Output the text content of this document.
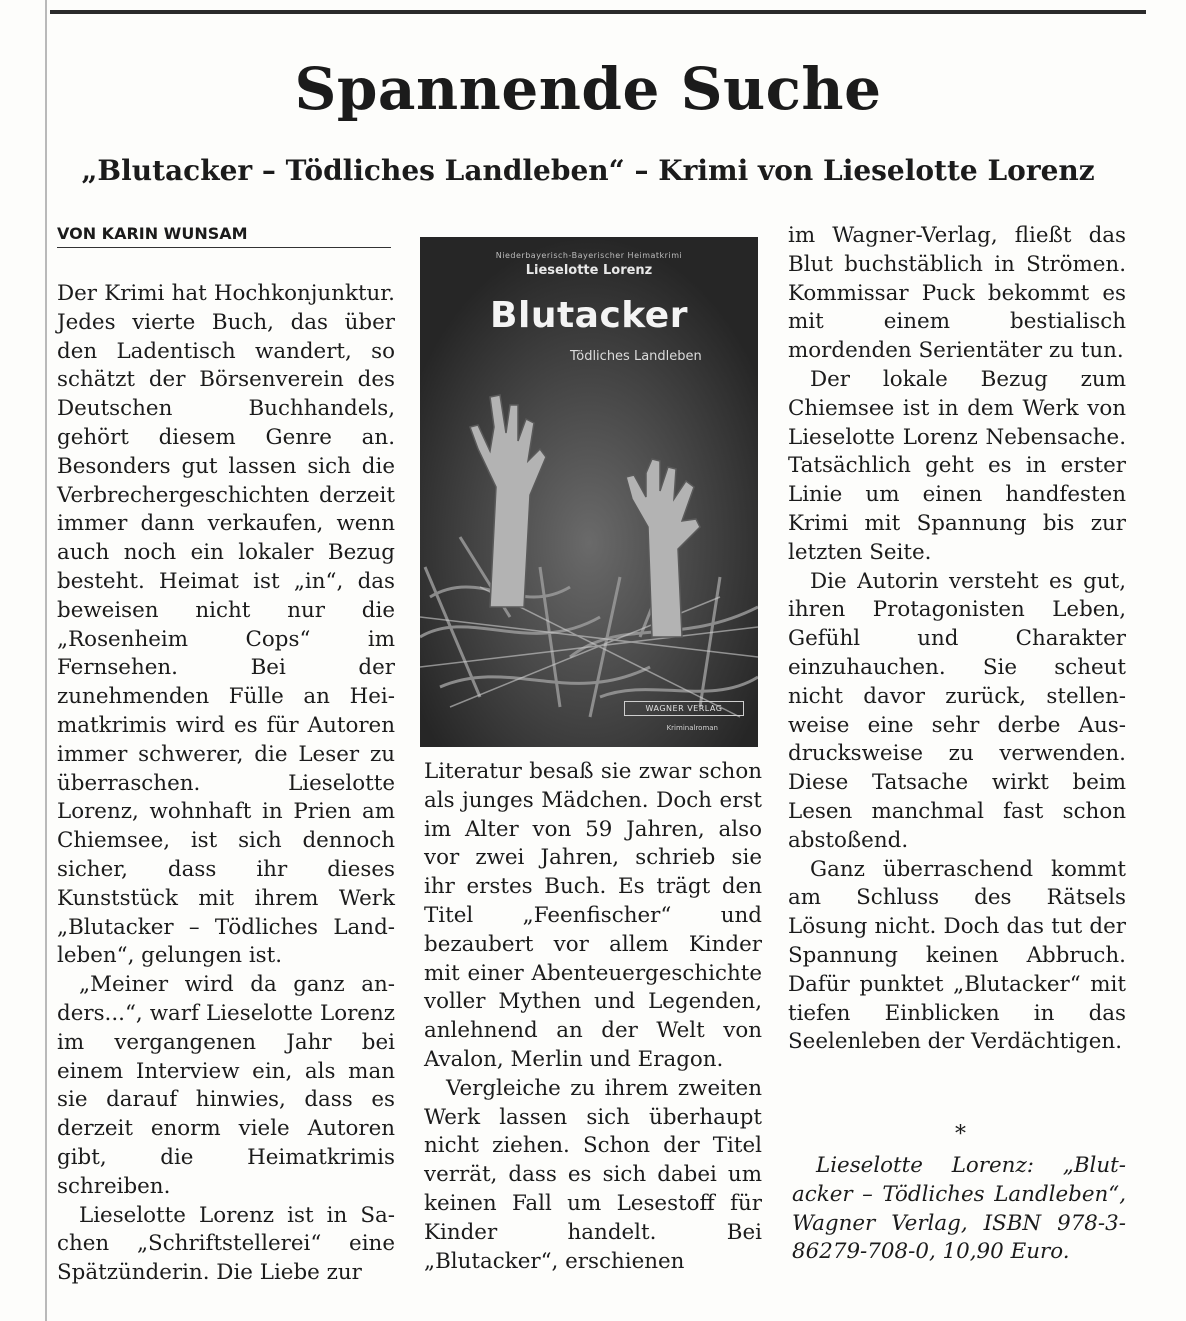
Spannende Suche
„Blutacker – Tödliches Landleben“ – Krimi von Lieselotte Lorenz
VON KARIN WUNSAM

Der Krimi hat Hochkonjunktur. Jedes vierte Buch, das über den Ladentisch wandert, so schätzt der Börsenverein des Deutschen Buchhandels, gehört diesem Genre an. Besonders gut lassen sich die Verbrechergeschichten derzeit immer dann verkaufen, wenn auch noch ein lokaler Bezug besteht. Heimat ist „in“, das beweisen nicht nur die „Rosenheim Cops“ im Fernsehen. Bei der zunehmenden Fülle an Heimatkrimis wird es für Autoren immer schwerer, die Leser zu überraschen. Lieselotte Lorenz, wohnhaft in Prien am Chiemsee, ist sich dennoch sicher, dass ihr dieses Kunststück mit ihrem Werk „Blutacker – Tödliches Landleben“, gelungen ist.

„Meiner wird da ganz anders...“, warf Lieselotte Lorenz im vergangenen Jahr bei einem Interview ein, als man sie darauf hinwies, dass es derzeit enorm viele Autoren gibt, die Heimatkrimis schreiben.

Lieselotte Lorenz ist in Sachen „Schriftstellerei“ eine Spätzünderin. Die Liebe zur

Niederbayerisch-Bayerischer Heimatkrimi
Lieselotte Lorenz
Blutacker
Tödliches Landleben
WAGNER VERLAG
Kriminalroman

Literatur besaß sie zwar schon als junges Mädchen. Doch erst im Alter von 59 Jahren, also vor zwei Jahren, schrieb sie ihr erstes Buch. Es trägt den Titel „Feenfischer“ und bezaubert vor allem Kinder mit einer Abenteuergeschichte voller Mythen und Legenden, anlehnend an der Welt von Avalon, Merlin und Eragon.

Vergleiche zu ihrem zweiten Werk lassen sich überhaupt nicht ziehen. Schon der Titel verrät, dass es sich dabei um keinen Fall um Lesestoff für Kinder handelt. Bei „Blutacker“, erschienen

im Wagner-Verlag, fließt das Blut buchstäblich in Strömen. Kommissar Puck bekommt es mit einem bestialisch mordenden Serientäter zu tun.

Der lokale Bezug zum Chiemsee ist in dem Werk von Lieselotte Lorenz Nebensache. Tatsächlich geht es in erster Linie um einen handfesten Krimi mit Spannung bis zur letzten Seite.

Die Autorin versteht es gut, ihren Protagonisten Leben, Gefühl und Charakter einzuhauchen. Sie scheut nicht davor zurück, stellenweise eine sehr derbe Ausdrucksweise zu verwenden. Diese Tatsache wirkt beim Lesen manchmal fast schon abstoßend.

Ganz überraschend kommt am Schluss des Rätsels Lösung nicht. Doch das tut der Spannung keinen Abbruch. Dafür punktet „Blutacker“ mit tiefen Einblicken in das Seelenleben der Verdächtigen.

*

Lieselotte Lorenz: „Blutacker – Tödliches Landleben“, Wagner Verlag, ISBN 978-3-86279-708-0, 10,90 Euro.
